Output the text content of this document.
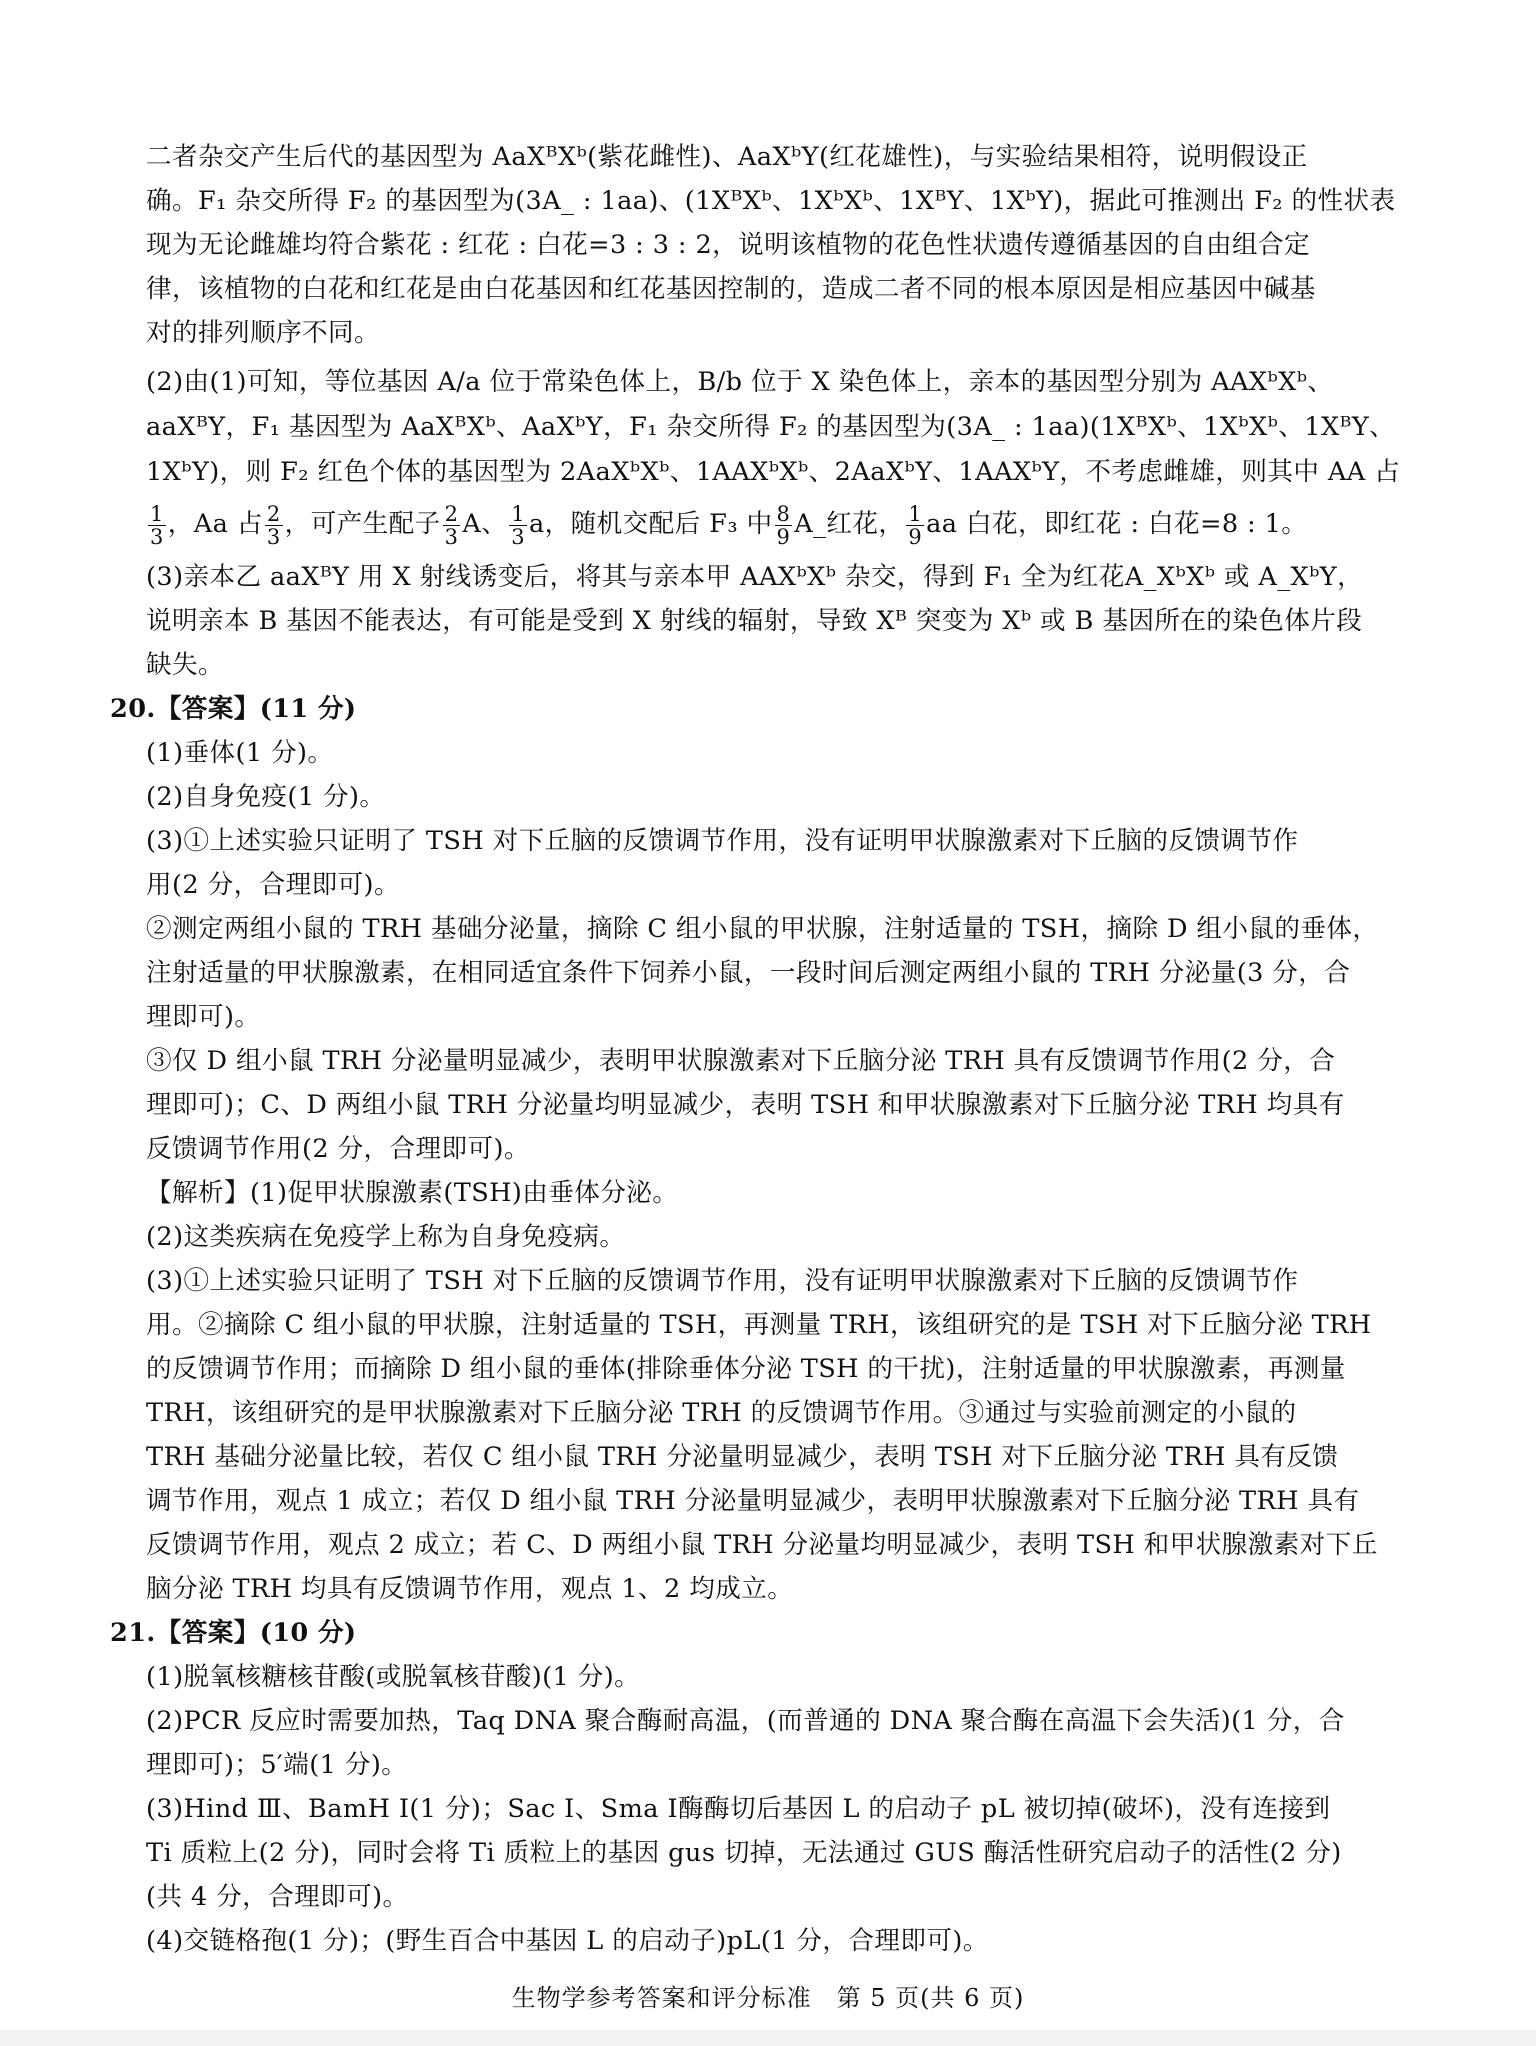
二者杂交产生后代的基因型为 AaXᴮXᵇ(紫花雌性)、AaXᵇY(红花雄性)，与实验结果相符，说明假设正
确。F₁ 杂交所得 F₂ 的基因型为(3A_ : 1aa)、(1XᴮXᵇ、1XᵇXᵇ、1XᴮY、1XᵇY)，据此可推测出 F₂ 的性状表
现为无论雌雄均符合紫花 : 红花 : 白花=3 : 3 : 2，说明该植物的花色性状遗传遵循基因的自由组合定
律，该植物的白花和红花是由白花基因和红花基因控制的，造成二者不同的根本原因是相应基因中碱基
对的排列顺序不同。
(2)由(1)可知，等位基因 A/a 位于常染色体上，B/b 位于 X 染色体上，亲本的基因型分别为 AAXᵇXᵇ、
aaXᴮY，F₁ 基因型为 AaXᴮXᵇ、AaXᵇY，F₁ 杂交所得 F₂ 的基因型为(3A_ : 1aa)(1XᴮXᵇ、1XᵇXᵇ、1XᴮY、
1XᵇY)，则 F₂ 红色个体的基因型为 2AaXᵇXᵇ、1AAXᵇXᵇ、2AaXᵇY、1AAXᵇY，不考虑雌雄，则其中 AA 占
$\frac{1}{3}$ ，Aa 占 $\frac{2}{3}$ ，可产生配子 $\frac{2}{3}$ A、 $\frac{1}{3}$ a，随机交配后 F₃ 中 $\frac{8}{9}$ A_红花， $\frac{1}{9}$ aa 白花，即红花 : 白花=8 : 1。
(3)亲本乙 aaXᴮY 用 X 射线诱变后，将其与亲本甲 AAXᵇXᵇ 杂交，得到 F₁ 全为红花A_XᵇXᵇ 或 A_XᵇY，
说明亲本 B 基因不能表达，有可能是受到 X 射线的辐射，导致 Xᴮ 突变为 Xᵇ 或 B 基因所在的染色体片段
缺失。
20.【答案】(11 分)
(1)垂体(1 分)。
(2)自身免疫(1 分)。
(3)①上述实验只证明了 TSH 对下丘脑的反馈调节作用，没有证明甲状腺激素对下丘脑的反馈调节作
用(2 分，合理即可)。
②测定两组小鼠的 TRH 基础分泌量，摘除 C 组小鼠的甲状腺，注射适量的 TSH，摘除 D 组小鼠的垂体，
注射适量的甲状腺激素，在相同适宜条件下饲养小鼠，一段时间后测定两组小鼠的 TRH 分泌量(3 分，合
理即可)。
③仅 D 组小鼠 TRH 分泌量明显减少，表明甲状腺激素对下丘脑分泌 TRH 具有反馈调节作用(2 分，合
理即可)；C、D 两组小鼠 TRH 分泌量均明显减少，表明 TSH 和甲状腺激素对下丘脑分泌 TRH 均具有
反馈调节作用(2 分，合理即可)。
【解析】(1)促甲状腺激素(TSH)由垂体分泌。
(2)这类疾病在免疫学上称为自身免疫病。
(3)①上述实验只证明了 TSH 对下丘脑的反馈调节作用，没有证明甲状腺激素对下丘脑的反馈调节作
用。②摘除 C 组小鼠的甲状腺，注射适量的 TSH，再测量 TRH，该组研究的是 TSH 对下丘脑分泌 TRH
的反馈调节作用；而摘除 D 组小鼠的垂体(排除垂体分泌 TSH 的干扰)，注射适量的甲状腺激素，再测量
TRH，该组研究的是甲状腺激素对下丘脑分泌 TRH 的反馈调节作用。③通过与实验前测定的小鼠的
TRH 基础分泌量比较，若仅 C 组小鼠 TRH 分泌量明显减少，表明 TSH 对下丘脑分泌 TRH 具有反馈
调节作用，观点 1 成立；若仅 D 组小鼠 TRH 分泌量明显减少，表明甲状腺激素对下丘脑分泌 TRH 具有
反馈调节作用，观点 2 成立；若 C、D 两组小鼠 TRH 分泌量均明显减少，表明 TSH 和甲状腺激素对下丘
脑分泌 TRH 均具有反馈调节作用，观点 1、2 均成立。
21.【答案】(10 分)
(1)脱氧核糖核苷酸(或脱氧核苷酸)(1 分)。
(2)PCR 反应时需要加热，Taq DNA 聚合酶耐高温，(而普通的 DNA 聚合酶在高温下会失活)(1 分，合
理即可)；5′端(1 分)。
(3)Hind Ⅲ、BamH Ⅰ(1 分)；Sac Ⅰ、Sma Ⅰ酶酶切后基因 L 的启动子 pL 被切掉(破坏)，没有连接到
Ti 质粒上(2 分)，同时会将 Ti 质粒上的基因 gus 切掉，无法通过 GUS 酶活性研究启动子的活性(2 分)
(共 4 分，合理即可)。
(4)交链格孢(1 分)；(野生百合中基因 L 的启动子)pL(1 分，合理即可)。
生物学参考答案和评分标准　第 5 页(共 6 页)
